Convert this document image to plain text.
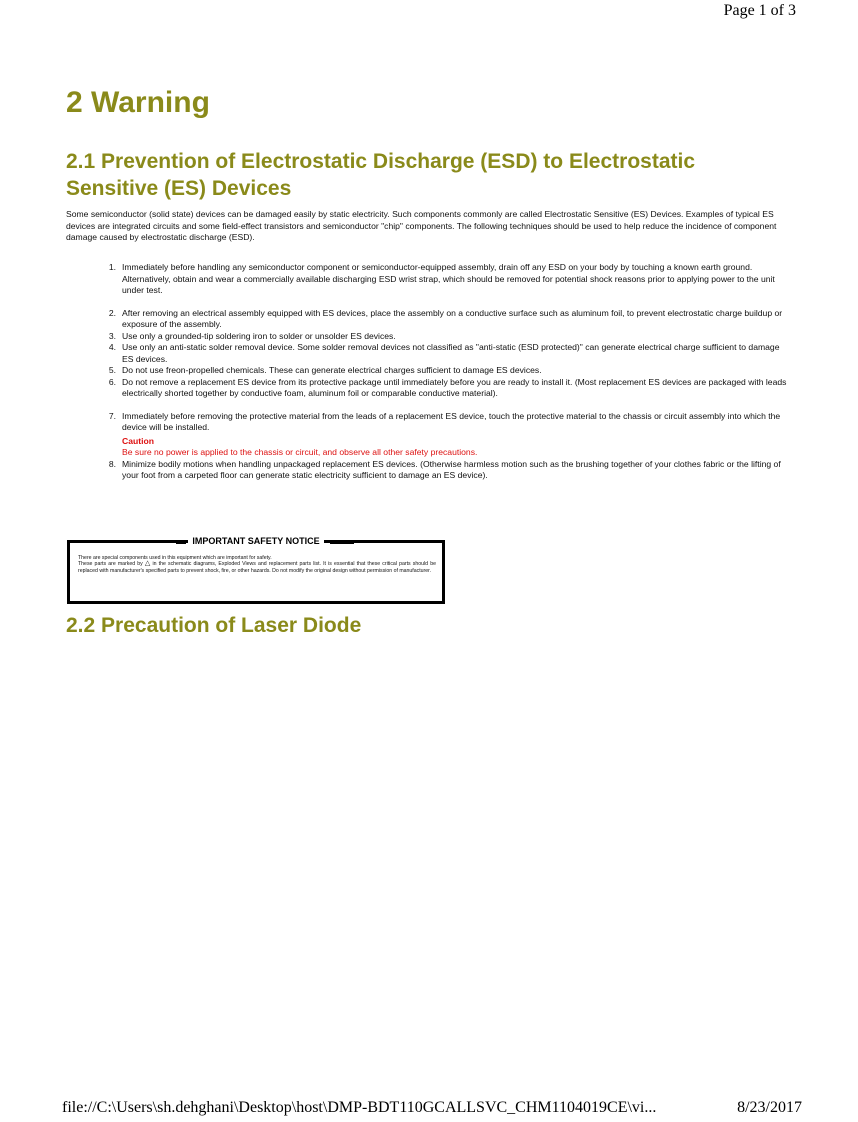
Page 1 of 3
2 Warning
2.1 Prevention of Electrostatic Discharge (ESD) to Electrostatic Sensitive (ES) Devices

Some semiconductor (solid state) devices can be damaged easily by static electricity. Such components commonly are called Electrostatic Sensitive (ES) Devices. Examples of typical ES devices are integrated circuits and some field-effect transistors and semiconductor "chip" components. The following techniques should be used to help reduce the incidence of component damage caused by electrostatic discharge (ESD).

1. Immediately before handling any semiconductor component or semiconductor-equipped assembly, drain off any ESD on your body by touching a known earth ground. Alternatively, obtain and wear a commercially available discharging ESD wrist strap, which should be removed for potential shock reasons prior to applying power to the unit under test.
2. After removing an electrical assembly equipped with ES devices, place the assembly on a conductive surface such as aluminum foil, to prevent electrostatic charge buildup or exposure of the assembly.
3. Use only a grounded-tip soldering iron to solder or unsolder ES devices.
4. Use only an anti-static solder removal device. Some solder removal devices not classified as "anti-static (ESD protected)" can generate electrical charge sufficient to damage ES devices.
5. Do not use freon-propelled chemicals. These can generate electrical charges sufficient to damage ES devices.
6. Do not remove a replacement ES device from its protective package until immediately before you are ready to install it. (Most replacement ES devices are packaged with leads electrically shorted together by conductive foam, aluminum foil or comparable conductive material).
7. Immediately before removing the protective material from the leads of a replacement ES device, touch the protective material to the chassis or circuit assembly into which the device will be installed.
Caution
Be sure no power is applied to the chassis or circuit, and observe all other safety precautions.
8. Minimize bodily motions when handling unpackaged replacement ES devices. (Otherwise harmless motion such as the brushing together of your clothes fabric or the lifting of your foot from a carpeted floor can generate static electricity sufficient to damage an ES device).
IMPORTANT SAFETY NOTICE
There are special components used in this equipment which are important for safety.
These parts are marked by △ in the schematic diagrams, Exploded Views and replacement parts list. It is essential that these critical parts should be replaced with manufacturer's specified parts to prevent shock, fire, or other hazards. Do not modify the original design without permission of manufacturer.
2.2 Precaution of Laser Diode
file://C:\Users\sh.dehghani\Desktop\host\DMP-BDT110GCALLSVC_CHM1104019CE\vi...	8/23/2017
